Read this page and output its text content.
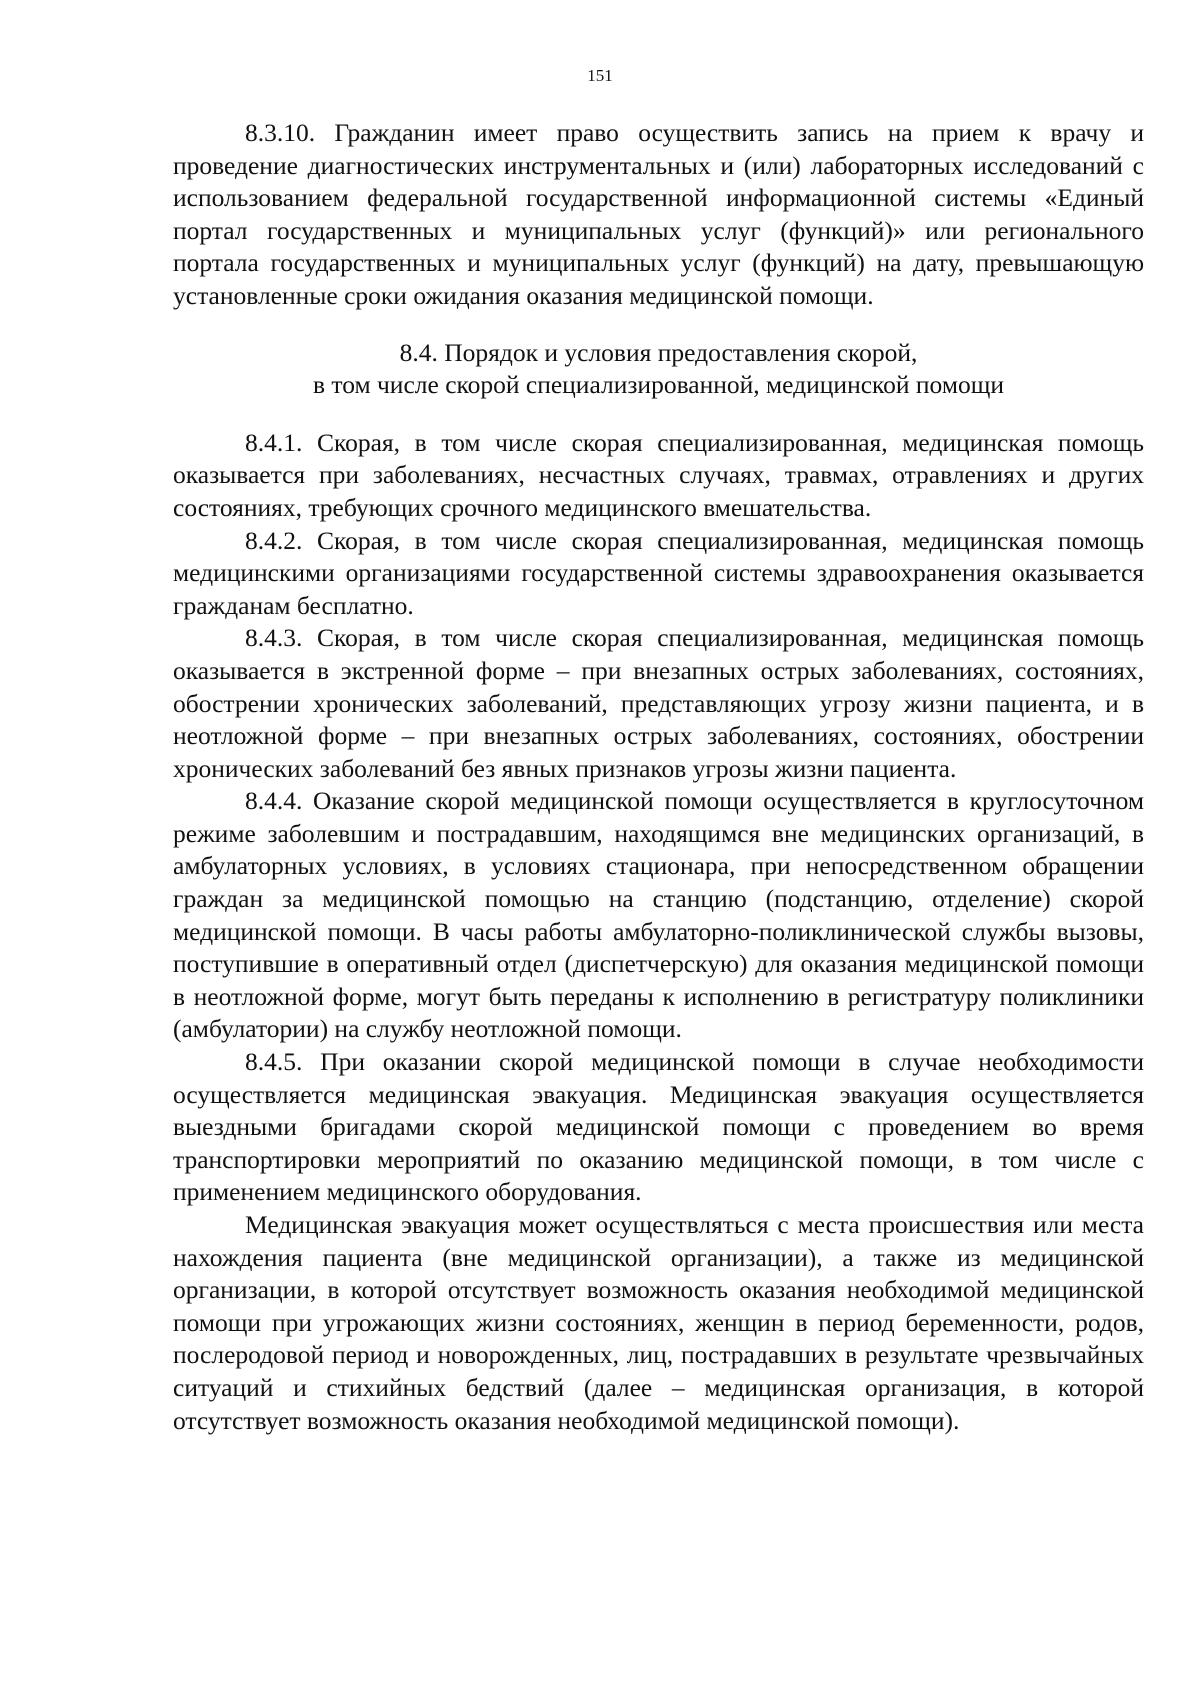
151

8.3.10. Гражданин имеет право осуществить запись на прием к врачу и проведение диагностических инструментальных и (или) лабораторных исследований с использованием федеральной государственной информационной системы «Единый портал государственных и муниципальных услуг (функций)» или регионального портала государственных и муниципальных услуг (функций) на дату, превышающую установленные сроки ожидания оказания медицинской помощи.

8.4. Порядок и условия предоставления скорой,
в том числе скорой специализированной, медицинской помощи

8.4.1. Скорая, в том числе скорая специализированная, медицинская помощь оказывается при заболеваниях, несчастных случаях, травмах, отравлениях и других состояниях, требующих срочного медицинского вмешательства.

8.4.2. Скорая, в том числе скорая специализированная, медицинская помощь медицинскими организациями государственной системы здравоохранения оказывается гражданам бесплатно.

8.4.3. Скорая, в том числе скорая специализированная, медицинская помощь оказывается в экстренной форме – при внезапных острых заболеваниях, состояниях, обострении хронических заболеваний, представляющих угрозу жизни пациента, и в неотложной форме – при внезапных острых заболеваниях, состояниях, обострении хронических заболеваний без явных признаков угрозы жизни пациента.

8.4.4. Оказание скорой медицинской помощи осуществляется в круглосуточном режиме заболевшим и пострадавшим, находящимся вне медицинских организаций, в амбулаторных условиях, в условиях стационара, при непосредственном обращении граждан за медицинской помощью на станцию (подстанцию, отделение) скорой медицинской помощи. В часы работы амбулаторно-поликлинической службы вызовы, поступившие в оперативный отдел (диспетчерскую) для оказания медицинской помощи в неотложной форме, могут быть переданы к исполнению в регистратуру поликлиники (амбулатории) на службу неотложной помощи.

8.4.5. При оказании скорой медицинской помощи в случае необходимости осуществляется медицинская эвакуация. Медицинская эвакуация осуществляется выездными бригадами скорой медицинской помощи с проведением во время транспортировки мероприятий по оказанию медицинской помощи, в том числе с применением медицинского оборудования.

Медицинская эвакуация может осуществляться с места происшествия или места нахождения пациента (вне медицинской организации), а также из медицинской организации, в которой отсутствует возможность оказания необходимой медицинской помощи при угрожающих жизни состояниях, женщин в период беременности, родов, послеродовой период и новорожденных, лиц, пострадавших в результате чрезвычайных ситуаций и стихийных бедствий (далее – медицинская организация, в которой отсутствует возможность оказания необходимой медицинской помощи).
